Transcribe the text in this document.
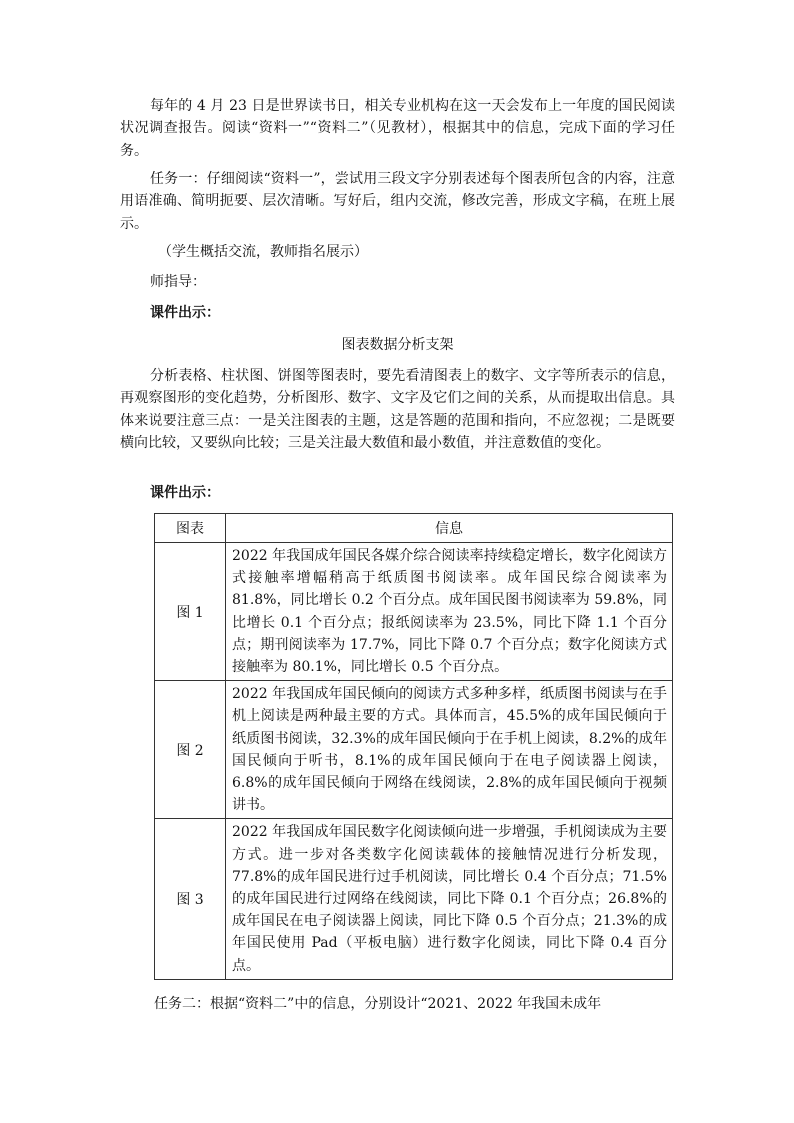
每年的 4 月 23 日是世界读书日，相关专业机构在这一天会发布上一年度的国民阅读状况调查报告。阅读“资料一”“资料二”（见教材），根据其中的信息，完成下面的学习任务。

任务一：仔细阅读“资料一”，尝试用三段文字分别表述每个图表所包含的内容，注意用语准确、简明扼要、层次清晰。写好后，组内交流，修改完善，形成文字稿，在班上展示。

（学生概括交流，教师指名展示）

师指导：

课件出示：

图表数据分析支架

分析表格、柱状图、饼图等图表时，要先看清图表上的数字、文字等所表示的信息，再观察图形的变化趋势，分析图形、数字、文字及它们之间的关系，从而提取出信息。具体来说要注意三点：一是关注图表的主题，这是答题的范围和指向，不应忽视；二是既要横向比较，又要纵向比较；三是关注最大数值和最小数值，并注意数值的变化。

课件出示：

图表	信息
图 1	2022 年我国成年国民各媒介综合阅读率持续稳定增长，数字化阅读方式接触率增幅稍高于纸质图书阅读率。成年国民综合阅读率为 81.8%，同比增长 0.2 个百分点。成年国民图书阅读率为 59.8%，同比增长 0.1 个百分点；报纸阅读率为 23.5%，同比下降 1.1 个百分点；期刊阅读率为 17.7%，同比下降 0.7 个百分点；数字化阅读方式接触率为 80.1%，同比增长 0.5 个百分点。
图 2	2022 年我国成年国民倾向的阅读方式多种多样，纸质图书阅读与在手机上阅读是两种最主要的方式。具体而言，45.5%的成年国民倾向于纸质图书阅读，32.3%的成年国民倾向于在手机上阅读，8.2%的成年国民倾向于听书，8.1%的成年国民倾向于在电子阅读器上阅读，6.8%的成年国民倾向于网络在线阅读，2.8%的成年国民倾向于视频讲书。
图 3	2022 年我国成年国民数字化阅读倾向进一步增强，手机阅读成为主要方式。进一步对各类数字化阅读载体的接触情况进行分析发现，77.8%的成年国民进行过手机阅读，同比增长 0.4 个百分点；71.5%的成年国民进行过网络在线阅读，同比下降 0.1 个百分点；26.8%的成年国民在电子阅读器上阅读，同比下降 0.5 个百分点；21.3%的成年国民使用 Pad（平板电脑）进行数字化阅读，同比下降 0.4 百分点。

任务二：根据“资料二”中的信息，分别设计“2021、2022 年我国未成年
